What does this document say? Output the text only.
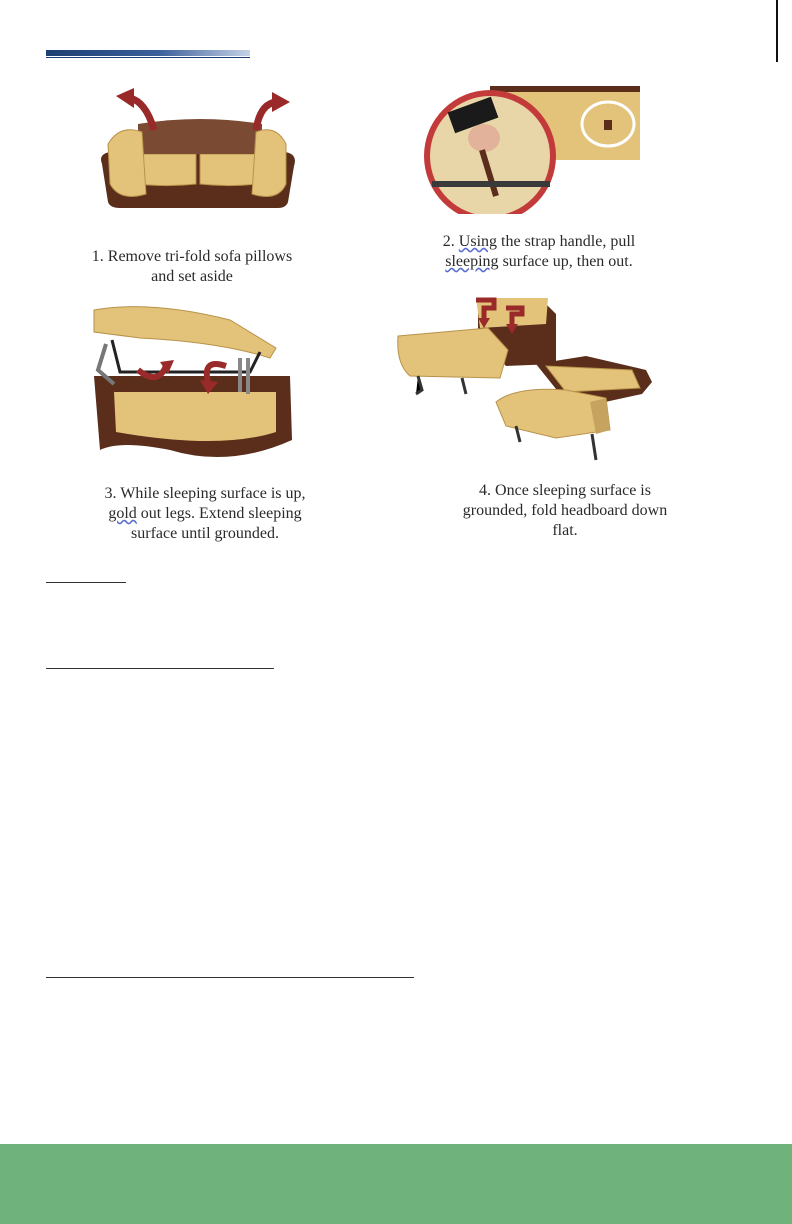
1. Remove tri-fold sofa pillows
and set aside
2. Using the strap handle, pull
sleeping surface up, then out.
3. While sleeping surface is up,
gold out legs. Extend sleeping
surface until grounded.
4. Once sleeping surface is
grounded, fold headboard down
flat.
